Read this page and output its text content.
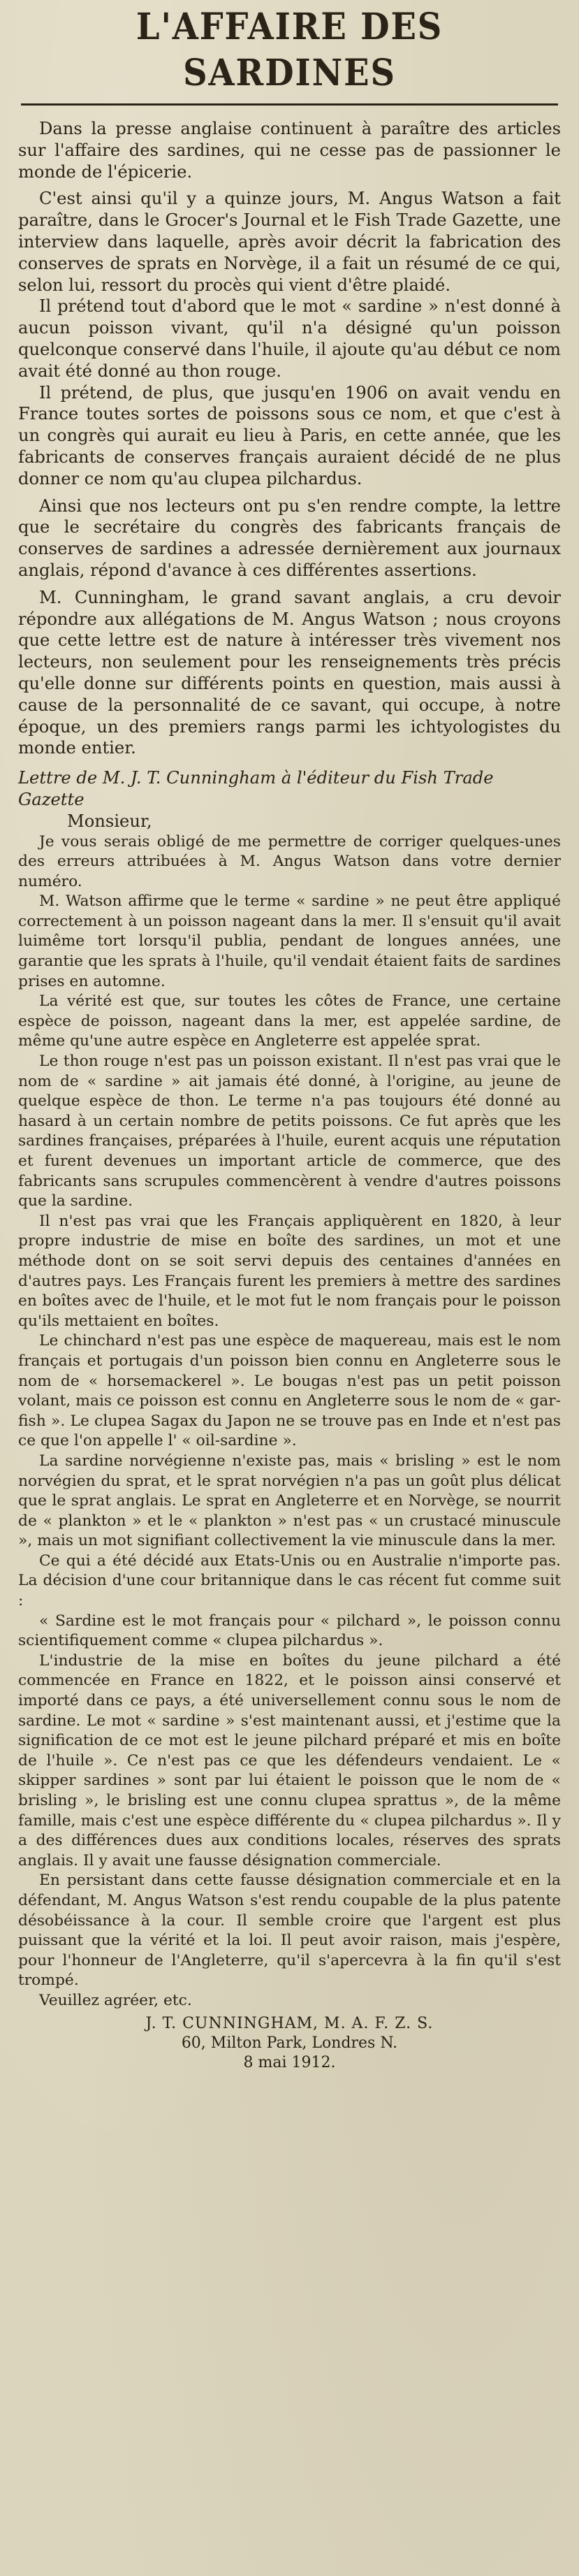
L'AFFAIRE DES SARDINES

Dans la presse anglaise continuent à paraître des articles sur l'affaire des sardines, qui ne cesse pas de passionner le monde de l'épicerie.

C'est ainsi qu'il y a quinze jours, M. Angus Watson a fait paraître, dans le Grocer's Journal et le Fish Trade Gazette, une interview dans laquelle, après avoir décrit la fabrication des conserves de sprats en Norvège, il a fait un résumé de ce qui, selon lui, ressort du procès qui vient d'être plaidé.

Il prétend tout d'abord que le mot « sardine » n'est donné à aucun poisson vivant, qu'il n'a désigné qu'un poisson quelconque conservé dans l'huile, il ajoute qu'au début ce nom avait été donné au thon rouge.

Il prétend, de plus, que jusqu'en 1906 on avait vendu en France toutes sortes de poissons sous ce nom, et que c'est à un congrès qui aurait eu lieu à Paris, en cette année, que les fabricants de conserves français auraient décidé de ne plus donner ce nom qu'au clupea pilchardus.

Ainsi que nos lecteurs ont pu s'en rendre compte, la lettre que le secrétaire du congrès des fabricants français de conserves de sardines a adressée dernièrement aux journaux anglais, répond d'avance à ces différentes assertions.

M. Cunningham, le grand savant anglais, a cru devoir répondre aux allégations de M. Angus Watson ; nous croyons que cette lettre est de nature à intéresser très vivement nos lecteurs, non seulement pour les renseignements très précis qu'elle donne sur différents points en question, mais aussi à cause de la personnalité de ce savant, qui occupe, à notre époque, un des premiers rangs parmi les ichtyologistes du monde entier.

Lettre de M. J. T. Cunningham à l'éditeur du Fish Trade Gazette

Monsieur,

Je vous serais obligé de me permettre de corriger quelques-unes des erreurs attribuées à M. Angus Watson dans votre dernier numéro.

M. Watson affirme que le terme « sardine » ne peut être appliqué correctement à un poisson nageant dans la mer. Il s'ensuit qu'il avait luimême tort lorsqu'il publia, pendant de longues années, une garantie que les sprats à l'huile, qu'il vendait étaient faits de sardines prises en automne.

La vérité est que, sur toutes les côtes de France, une certaine espèce de poisson, nageant dans la mer, est appelée sardine, de même qu'une autre espèce en Angleterre est appelée sprat.

Le thon rouge n'est pas un poisson existant. Il n'est pas vrai que le nom de « sardine » ait jamais été donné, à l'origine, au jeune de quelque espèce de thon. Le terme n'a pas toujours été donné au hasard à un certain nombre de petits poissons. Ce fut après que les sardines françaises, préparées à l'huile, eurent acquis une réputation et furent devenues un important article de commerce, que des fabricants sans scrupules commencèrent à vendre d'autres poissons que la sardine.

Il n'est pas vrai que les Français appliquèrent en 1820, à leur propre industrie de mise en boîte des sardines, un mot et une méthode dont on se soit servi depuis des centaines d'années en d'autres pays. Les Français furent les premiers à mettre des sardines en boîtes avec de l'huile, et le mot fut le nom français pour le poisson qu'ils mettaient en boîtes.

Le chinchard n'est pas une espèce de maquereau, mais est le nom français et portugais d'un poisson bien connu en Angleterre sous le nom de « horsemackerel ». Le bougas n'est pas un petit poisson volant, mais ce poisson est connu en Angleterre sous le nom de « gar-fish ». Le clupea Sagax du Japon ne se trouve pas en Inde et n'est pas ce que l'on appelle l' « oil-sardine ».

La sardine norvégienne n'existe pas, mais « brisling » est le nom norvégien du sprat, et le sprat norvégien n'a pas un goût plus délicat que le sprat anglais. Le sprat en Angleterre et en Norvège, se nourrit de « plankton » et le « plankton » n'est pas « un crustacé minuscule », mais un mot signifiant collectivement la vie minuscule dans la mer.

Ce qui a été décidé aux Etats-Unis ou en Australie n'importe pas. La décision d'une cour britannique dans le cas récent fut comme suit :

« Sardine est le mot français pour « pilchard », le poisson connu scientifiquement comme « clupea pilchardus ».

L'industrie de la mise en boîtes du jeune pilchard a été commencée en France en 1822, et le poisson ainsi conservé et importé dans ce pays, a été universellement connu sous le nom de sardine. Le mot « sardine » s'est maintenant aussi, et j'estime que la signification de ce mot est le jeune pilchard préparé et mis en boîte de l'huile ». Ce n'est pas ce que les défendeurs vendaient. Le « skipper sardines » sont par lui étaient le poisson que le nom de « brisling », le brisling est une connu clupea sprattus », de la même famille, mais c'est une espèce différente du « clupea pilchardus ». Il y a des différences dues aux conditions locales, réserves des sprats anglais. Il y avait une fausse désignation commerciale.

En persistant dans cette fausse désignation commerciale et en la défendant, M. Angus Watson s'est rendu coupable de la plus patente désobéissance à la cour. Il semble croire que l'argent est plus puissant que la vérité et la loi. Il peut avoir raison, mais j'espère, pour l'honneur de l'Angleterre, qu'il s'apercevra à la fin qu'il s'est trompé.

Veuillez agréer, etc.

J. T. CUNNINGHAM, M. A. F. Z. S.
60, Milton Park, Londres N.
8 mai 1912.
